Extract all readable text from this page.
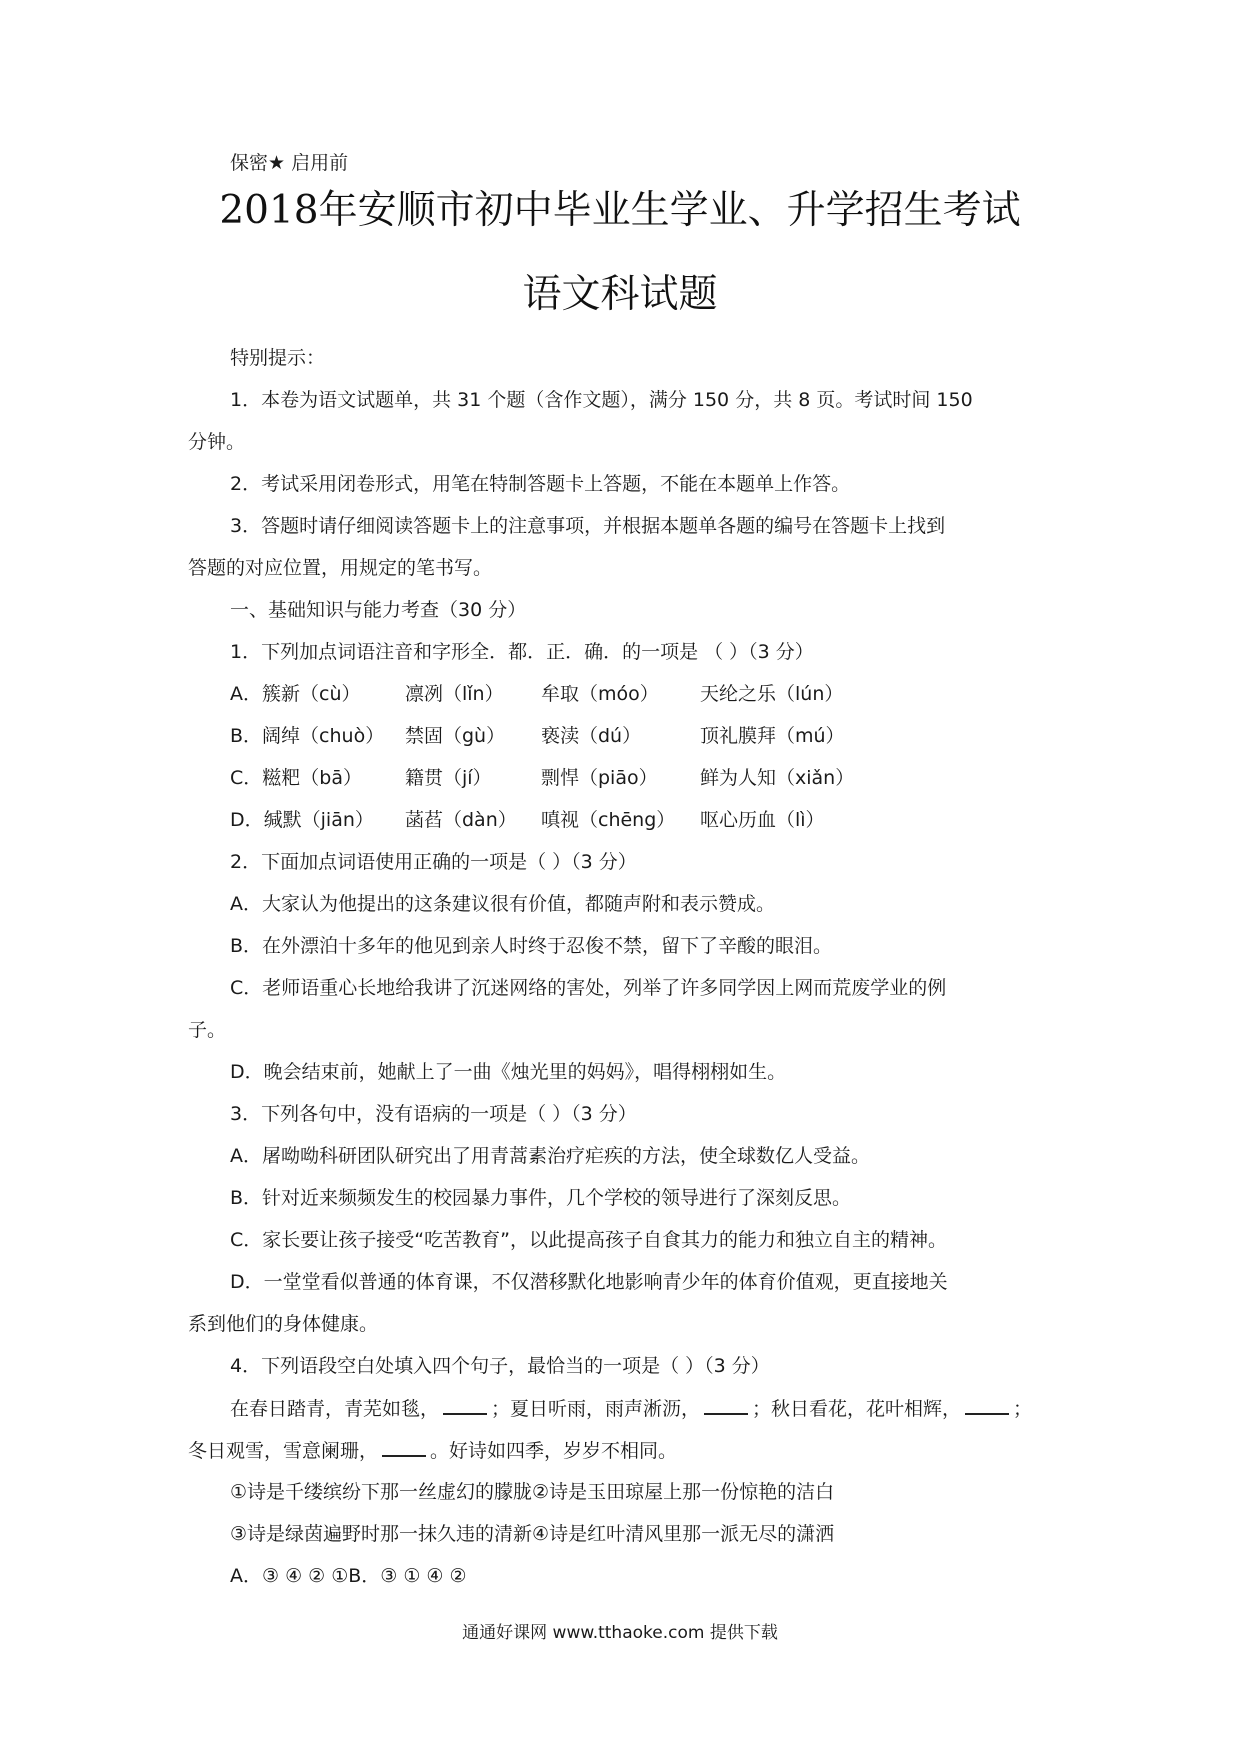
保密★ 启用前
2018年安顺市初中毕业生学业、升学招生考试
语文科试题
特别提示：
1．本卷为语文试题单，共 31 个题（含作文题），满分 150 分，共 8 页。考试时间 150
分钟。
2．考试采用闭卷形式，用笔在特制答题卡上答题，不能在本题单上作答。
3．答题时请仔细阅读答题卡上的注意事项，并根据本题单各题的编号在答题卡上找到
答题的对应位置，用规定的笔书写。
一、基础知识与能力考查（30 分）
1．下列加点词语注音和字形全．都．正．确．的一项是 （ ）（3 分）
A．簇新（cù） 凛冽（lǐn） 牟取（móo） 天纶之乐（lún）
B．阔绰（chuò） 禁固（gù） 亵渎（dú）	顶礼膜拜（mú）
C．糍粑（bā） 籍贯（jí）	剽悍（piāo） 鲜为人知（xiǎn）
D．缄默（jiān） 菡萏（dàn） 嗔视（chēng） 呕心历血（lì）
2．下面加点词语使用正确的一项是（ ）（3 分）
A．大家认为他提出的这条建议很有价值，都随声附和表示赞成。
B．在外漂泊十多年的他见到亲人时终于忍俊不禁，留下了辛酸的眼泪。
C．老师语重心长地给我讲了沉迷网络的害处，列举了许多同学因上网而荒废学业的例
子。
D．晚会结束前，她献上了一曲《烛光里的妈妈》，唱得栩栩如生。
3．下列各句中，没有语病的一项是（ ）（3 分）
A．屠呦呦科研团队研究出了用青蒿素治疗疟疾的方法，使全球数亿人受益。
B．针对近来频频发生的校园暴力事件，几个学校的领导进行了深刻反思。
C．家长要让孩子接受“吃苦教育”，以此提高孩子自食其力的能力和独立自主的精神。
D．一堂堂看似普通的体育课，不仅潜移默化地影响青少年的体育价值观，更直接地关
系到他们的身体健康。
4．下列语段空白处填入四个句子，最恰当的一项是（ ）（3 分）
在春日踏青，青芜如毯，	；夏日听雨，雨声淅沥，	；秋日看花，花叶相辉，	；
冬日观雪，雪意阑珊，	。好诗如四季，岁岁不相同。
①诗是千缕缤纷下那一丝虚幻的朦胧②诗是玉田琼屋上那一份惊艳的洁白
③诗是绿茵遍野时那一抹久违的清新④诗是红叶清风里那一派无尽的潇洒
A．③ ④ ② ①B．③ ① ④ ②
通通好课网 www.tthaoke.com 提供下载
